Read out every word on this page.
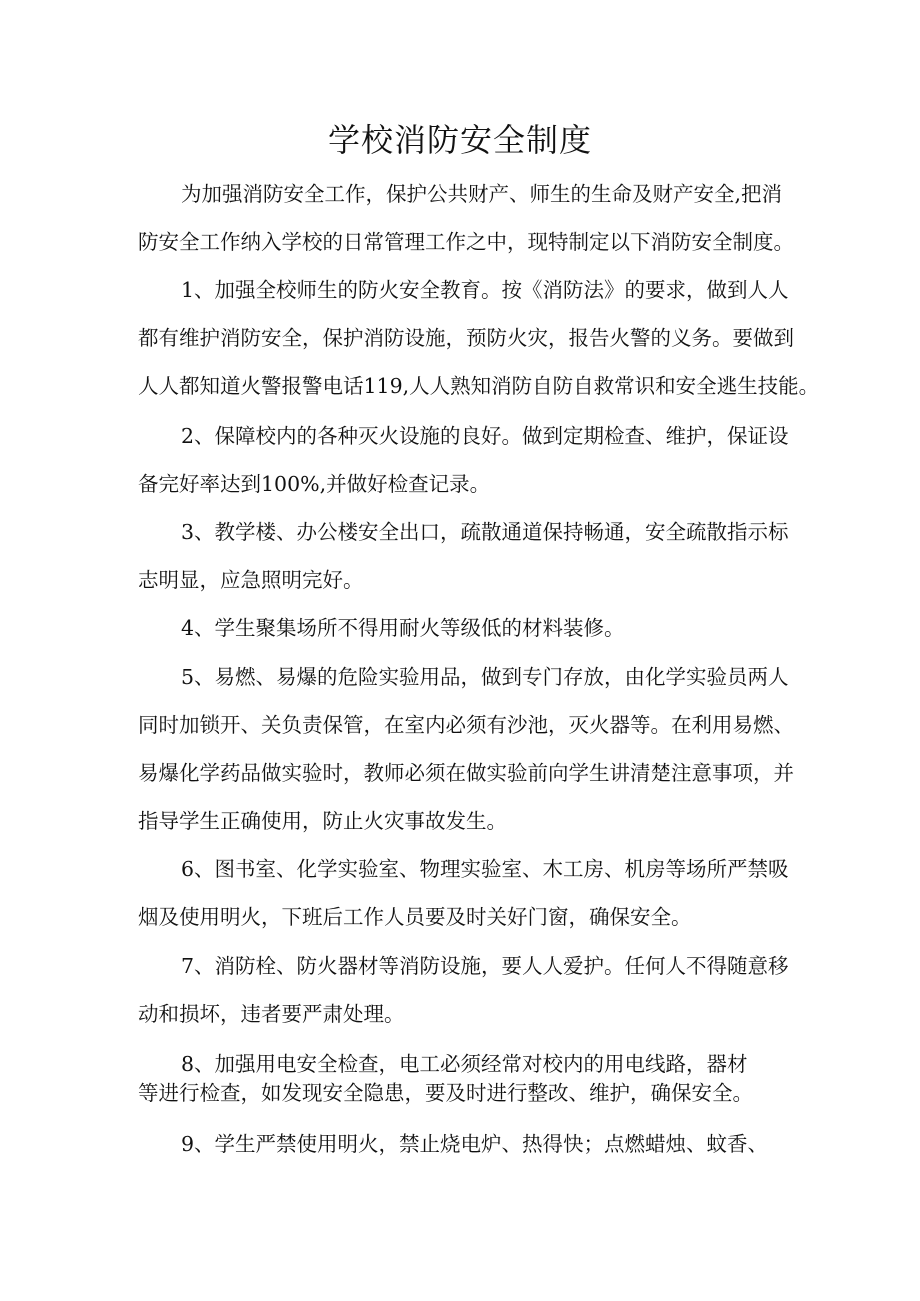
学校消防安全制度
为加强消防安全工作，保护公共财产、师生的生命及财产安全,把消
防安全工作纳入学校的日常管理工作之中，现特制定以下消防安全制度。
1、加强全校师生的防火安全教育。按《消防法》的要求，做到人人
都有维护消防安全，保护消防设施，预防火灾，报告火警的义务。要做到
人人都知道火警报警电话119,人人熟知消防自防自救常识和安全逃生技能。
2、保障校内的各种灭火设施的良好。做到定期检查、维护，保证设
备完好率达到100%,并做好检查记录。
3、教学楼、办公楼安全出口，疏散通道保持畅通，安全疏散指示标
志明显，应急照明完好。
4、学生聚集场所不得用耐火等级低的材料装修。
5、易燃、易爆的危险实验用品，做到专门存放，由化学实验员两人
同时加锁开、关负责保管，在室内必须有沙池，灭火器等。在利用易燃、
易爆化学药品做实验时，教师必须在做实验前向学生讲清楚注意事项，并
指导学生正确使用，防止火灾事故发生。
6、图书室、化学实验室、物理实验室、木工房、机房等场所严禁吸
烟及使用明火，下班后工作人员要及时关好门窗，确保安全。
7、消防栓、防火器材等消防设施，要人人爱护。任何人不得随意移
动和损坏，违者要严肃处理。
8、加强用电安全检查，电工必须经常对校内的用电线路，器材
等进行检查，如发现安全隐患，要及时进行整改、维护，确保安全。
9、学生严禁使用明火，禁止烧电炉、热得快；点燃蜡烛、蚊香、
